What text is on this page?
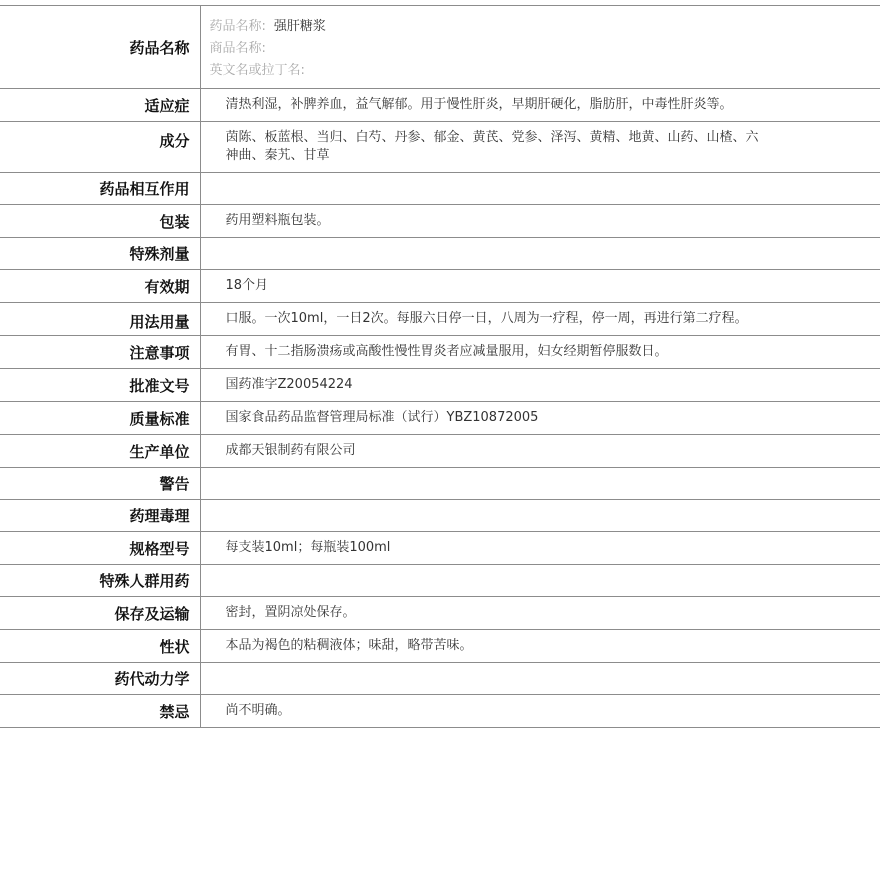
药品名称	药品名称: 强肝糖浆
商品名称:
英文名或拉丁名:

适应症	清热利湿，补脾养血，益气解郁。用于慢性肝炎，早期肝硬化，脂肪肝，中毒性肝炎等。
成分	茵陈、板蓝根、当归、白芍、丹参、郁金、黄芪、党参、泽泻、黄精、地黄、山药、山楂、六神曲、秦艽、甘草
药品相互作用	
包装	药用塑料瓶包装。
特殊剂量	
有效期	18个月
用法用量	口服。一次10ml，一日2次。每服六日停一日，八周为一疗程，停一周，再进行第二疗程。
注意事项	有胃、十二指肠溃疡或高酸性慢性胃炎者应减量服用，妇女经期暂停服数日。
批准文号	国药准字Z20054224
质量标准	国家食品药品监督管理局标准（试行）YBZ10872005
生产单位	成都天银制药有限公司
警告	
药理毒理	
规格型号	每支装10ml；每瓶装100ml
特殊人群用药	
保存及运输	密封，置阴凉处保存。
性状	本品为褐色的粘稠液体；味甜，略带苦味。
药代动力学	
禁忌	尚不明确。
